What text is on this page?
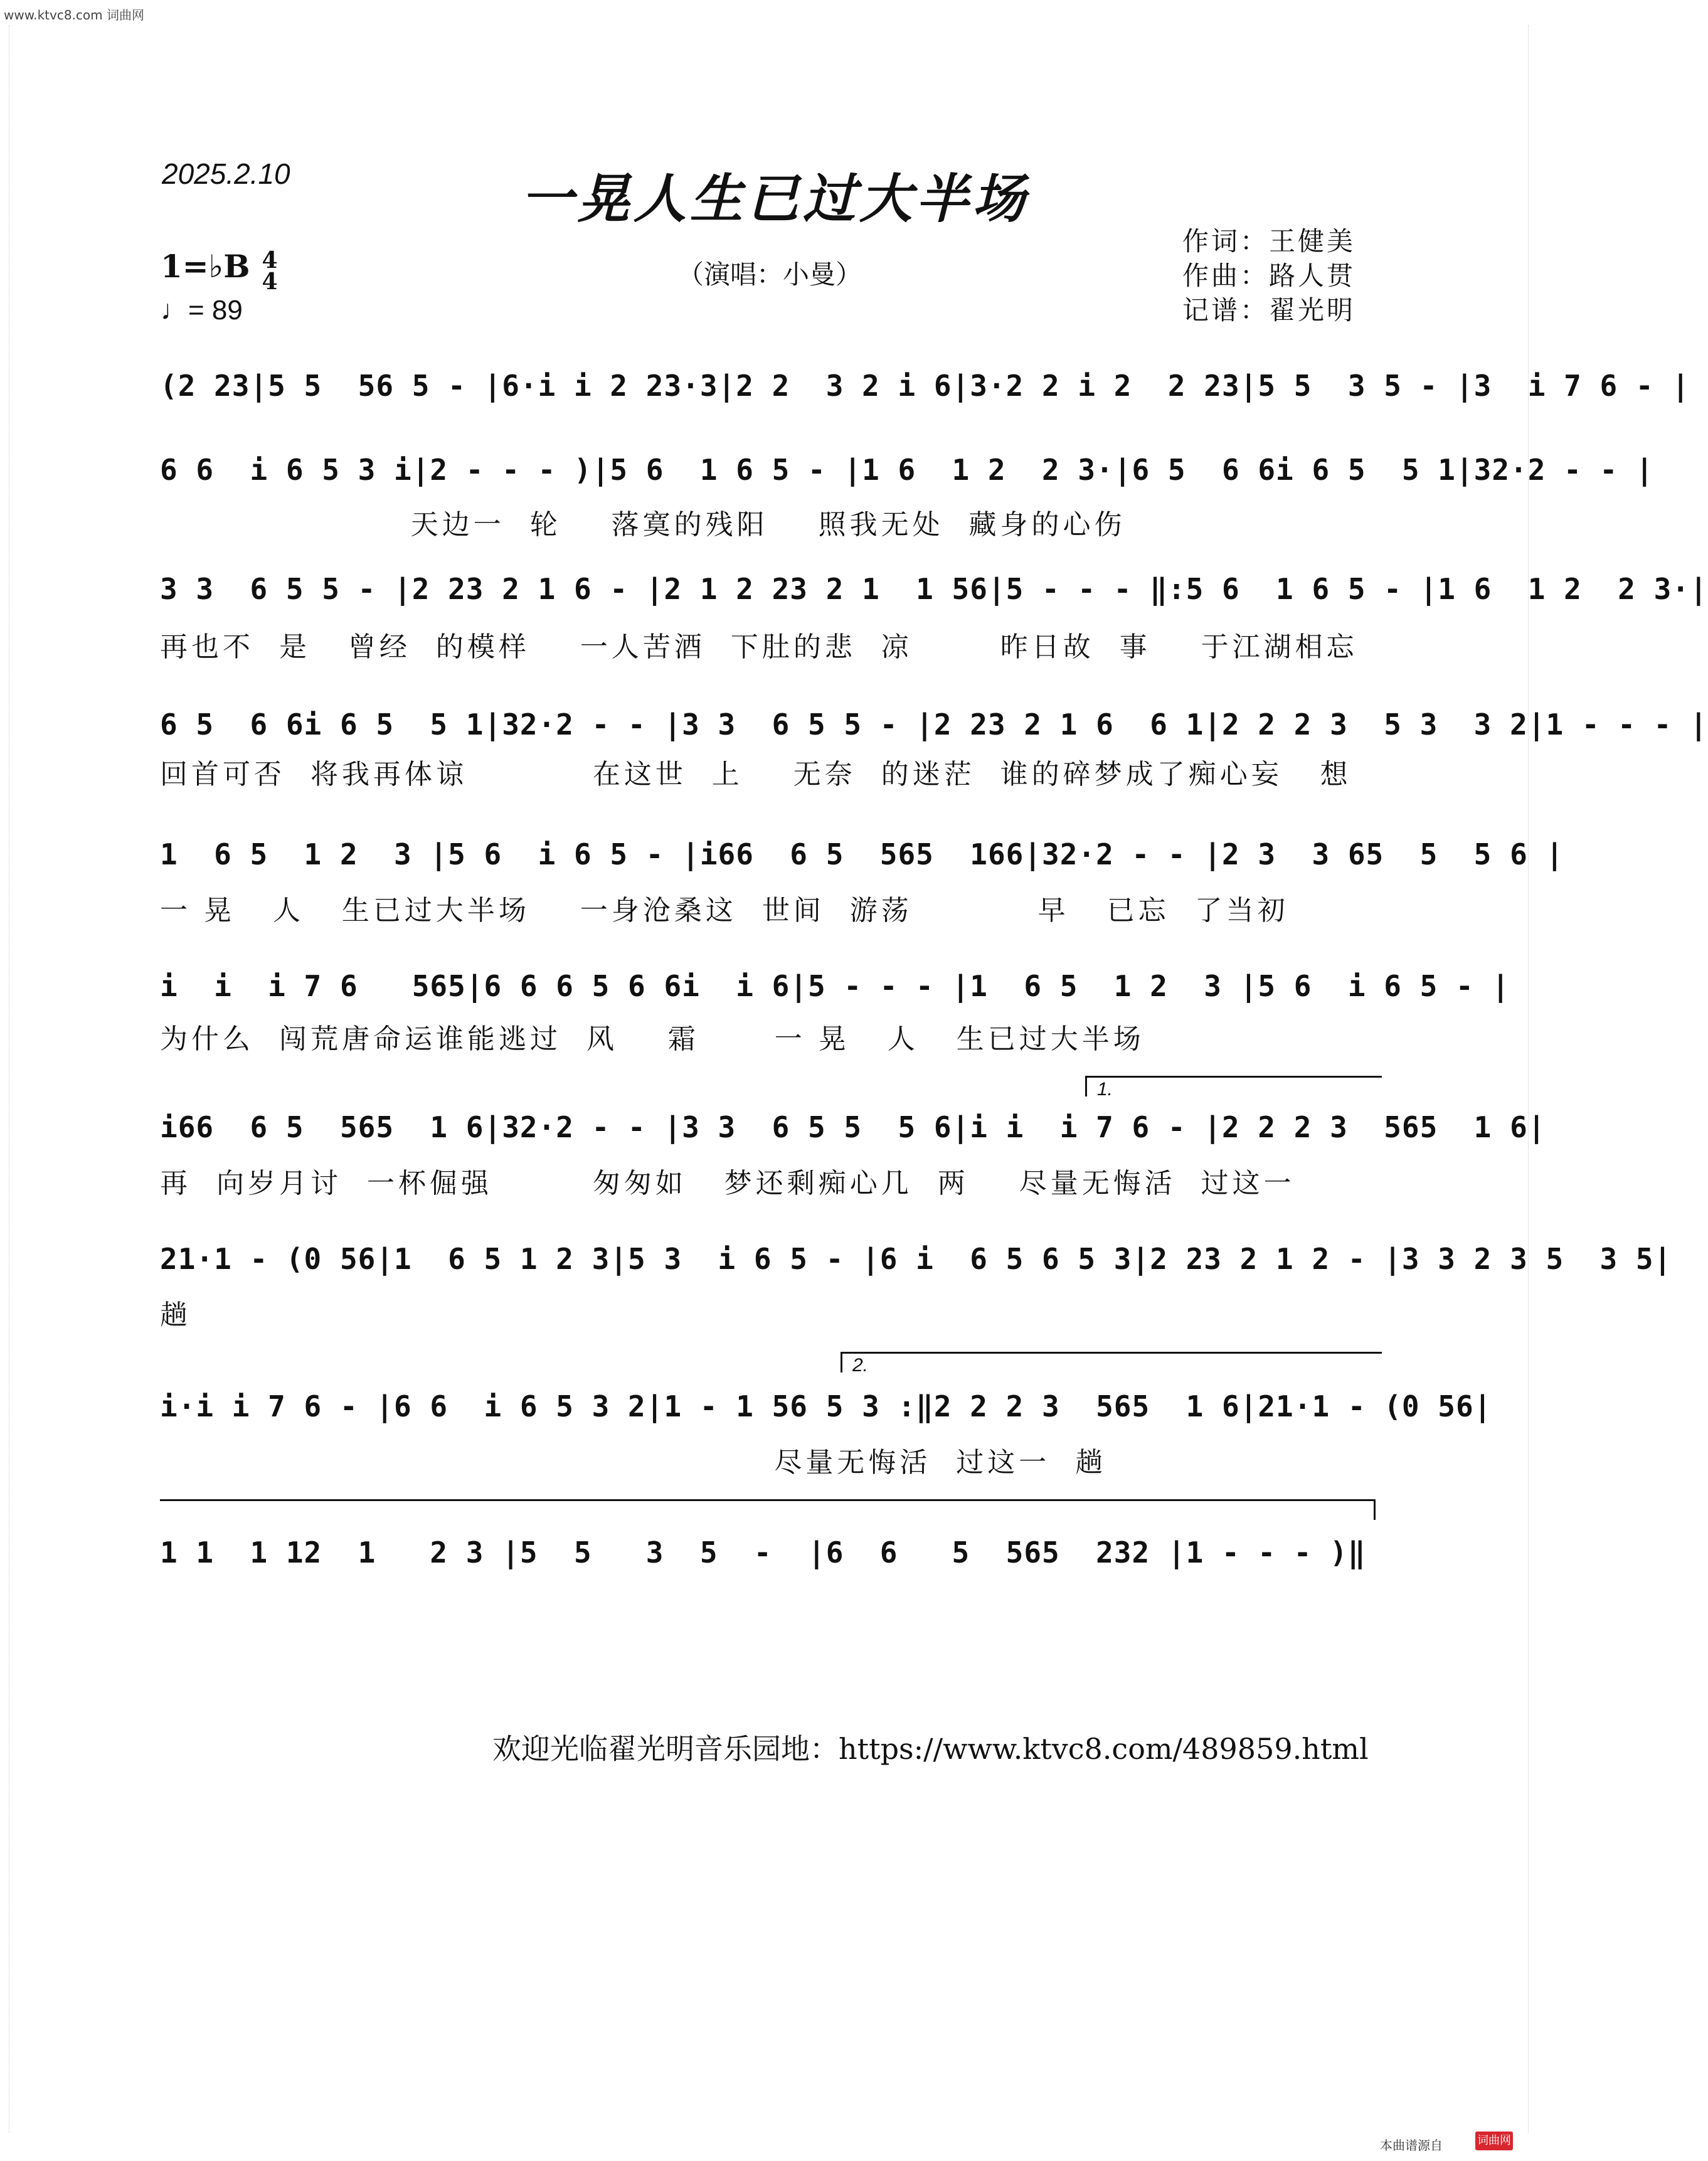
www.ktvc8.com 词曲网
2025.2.10	一晃人生已过大半场
（演唱：小曼）
作词：王健美
作曲：路人贯
记谱：翟光明
1=♭B 4
4
♩= 89
(2 23|5 5  56 5 - |6·i i 2 23·3|2 2  3 2 i 6|3·2 2 i 2  2 23|5 5  3 5 - |3  i 7 6 - |
6 6  i 6 5 3 i|2 - - - )|5 6  1 6 5 - |1 6  1 2  2 3·|6 5  6 6i 6 5  5 1|32·2 - - |
天边一  轮    落寞的残阳    照我无处  藏身的心伤
3 3  6 5 5 - |2 23 2 1 6 - |2 1 2 23 2 1  1 56|5 - - - ‖:5 6  1 6 5 - |1 6  1 2  2 3·|
再也不  是   曾经  的模样    一人苦酒  下肚的悲  凉       昨日故  事    于江湖相忘
6 5  6 6i 6 5  5 1|32·2 - - |3 3  6 5 5 - |2 23 2 1 6  6 1|2 2 2 3  5 3  3 2|1 - - - |
回首可否  将我再体谅          在这世  上    无奈  的迷茫  谁的碎梦成了痴心妄   想
1  6 5  1 2  3 |5 6  i 6 5 - |i66  6 5  565  166|32·2 - - |2 3  3 65  5  5 6 |
一 晃   人   生已过大半场    一身沧桑这  世间  游荡          早   已忘  了当初
i  i  i 7 6   565|6 6 6 5 6 6i  i 6|5 - - - |1  6 5  1 2  3 |5 6  i 6 5 - |
为什么  闯荒唐命运谁能逃过  风    霜      一 晃   人   生已过大半场
1.
i66  6 5  565  1 6|32·2 - - |3 3  6 5 5  5 6|i i  i 7 6 - |2 2 2 3  565  1 6|
再  向岁月讨  一杯倔强        匆匆如   梦还剩痴心几  两    尽量无悔活  过这一
21·1 - (0 56|1  6 5 1 2 3|5 3  i 6 5 - |6 i  6 5 6 5 3|2 23 2 1 2 - |3 3 2 3 5  3 5|
趟
2.
i·i i 7 6 - |6 6  i 6 5 3 2|1 - 1 56 5 3 :‖2 2 2 3  565  1 6|21·1 - (0 56|
尽量无悔活  过这一  趟
1 1  1 12  1   2 3 |5  5   3  5  -  |6  6   5  565  232 |1 - - - )‖
欢迎光临翟光明音乐园地：https://www.ktvc8.com/489859.html
本曲谱源自	词曲网
